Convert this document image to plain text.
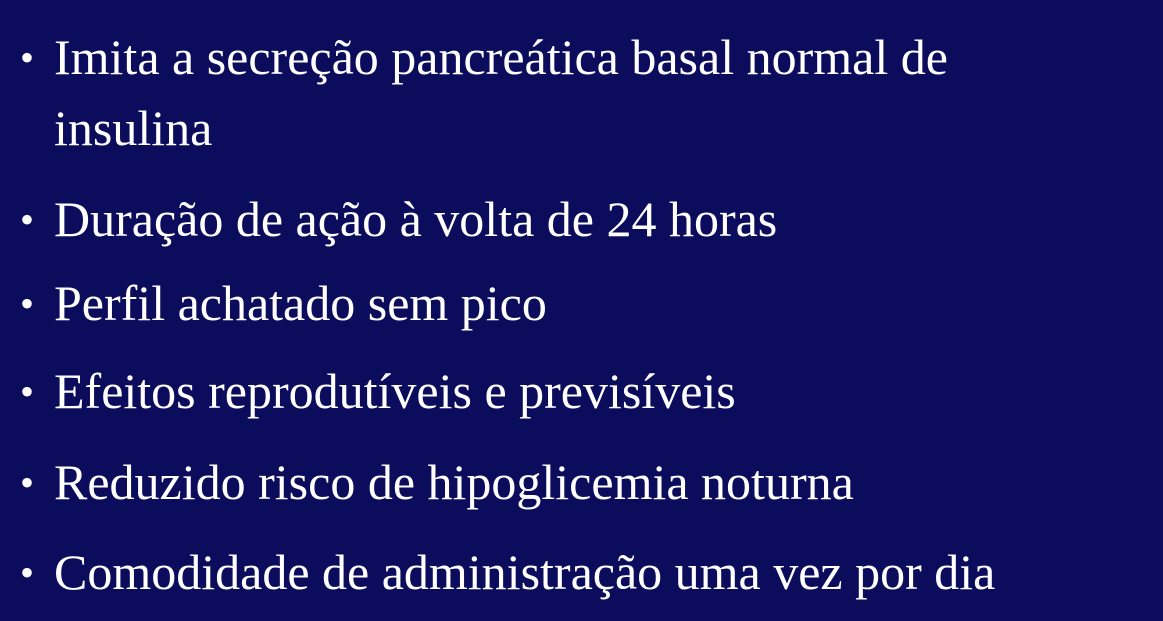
• Imita a secreção pancreática basal normal de
insulina
• Duração de ação à volta de 24 horas
• Perfil achatado sem pico
• Efeitos reprodutíveis e previsíveis
• Reduzido risco de hipoglicemia noturna
• Comodidade de administração uma vez por dia
